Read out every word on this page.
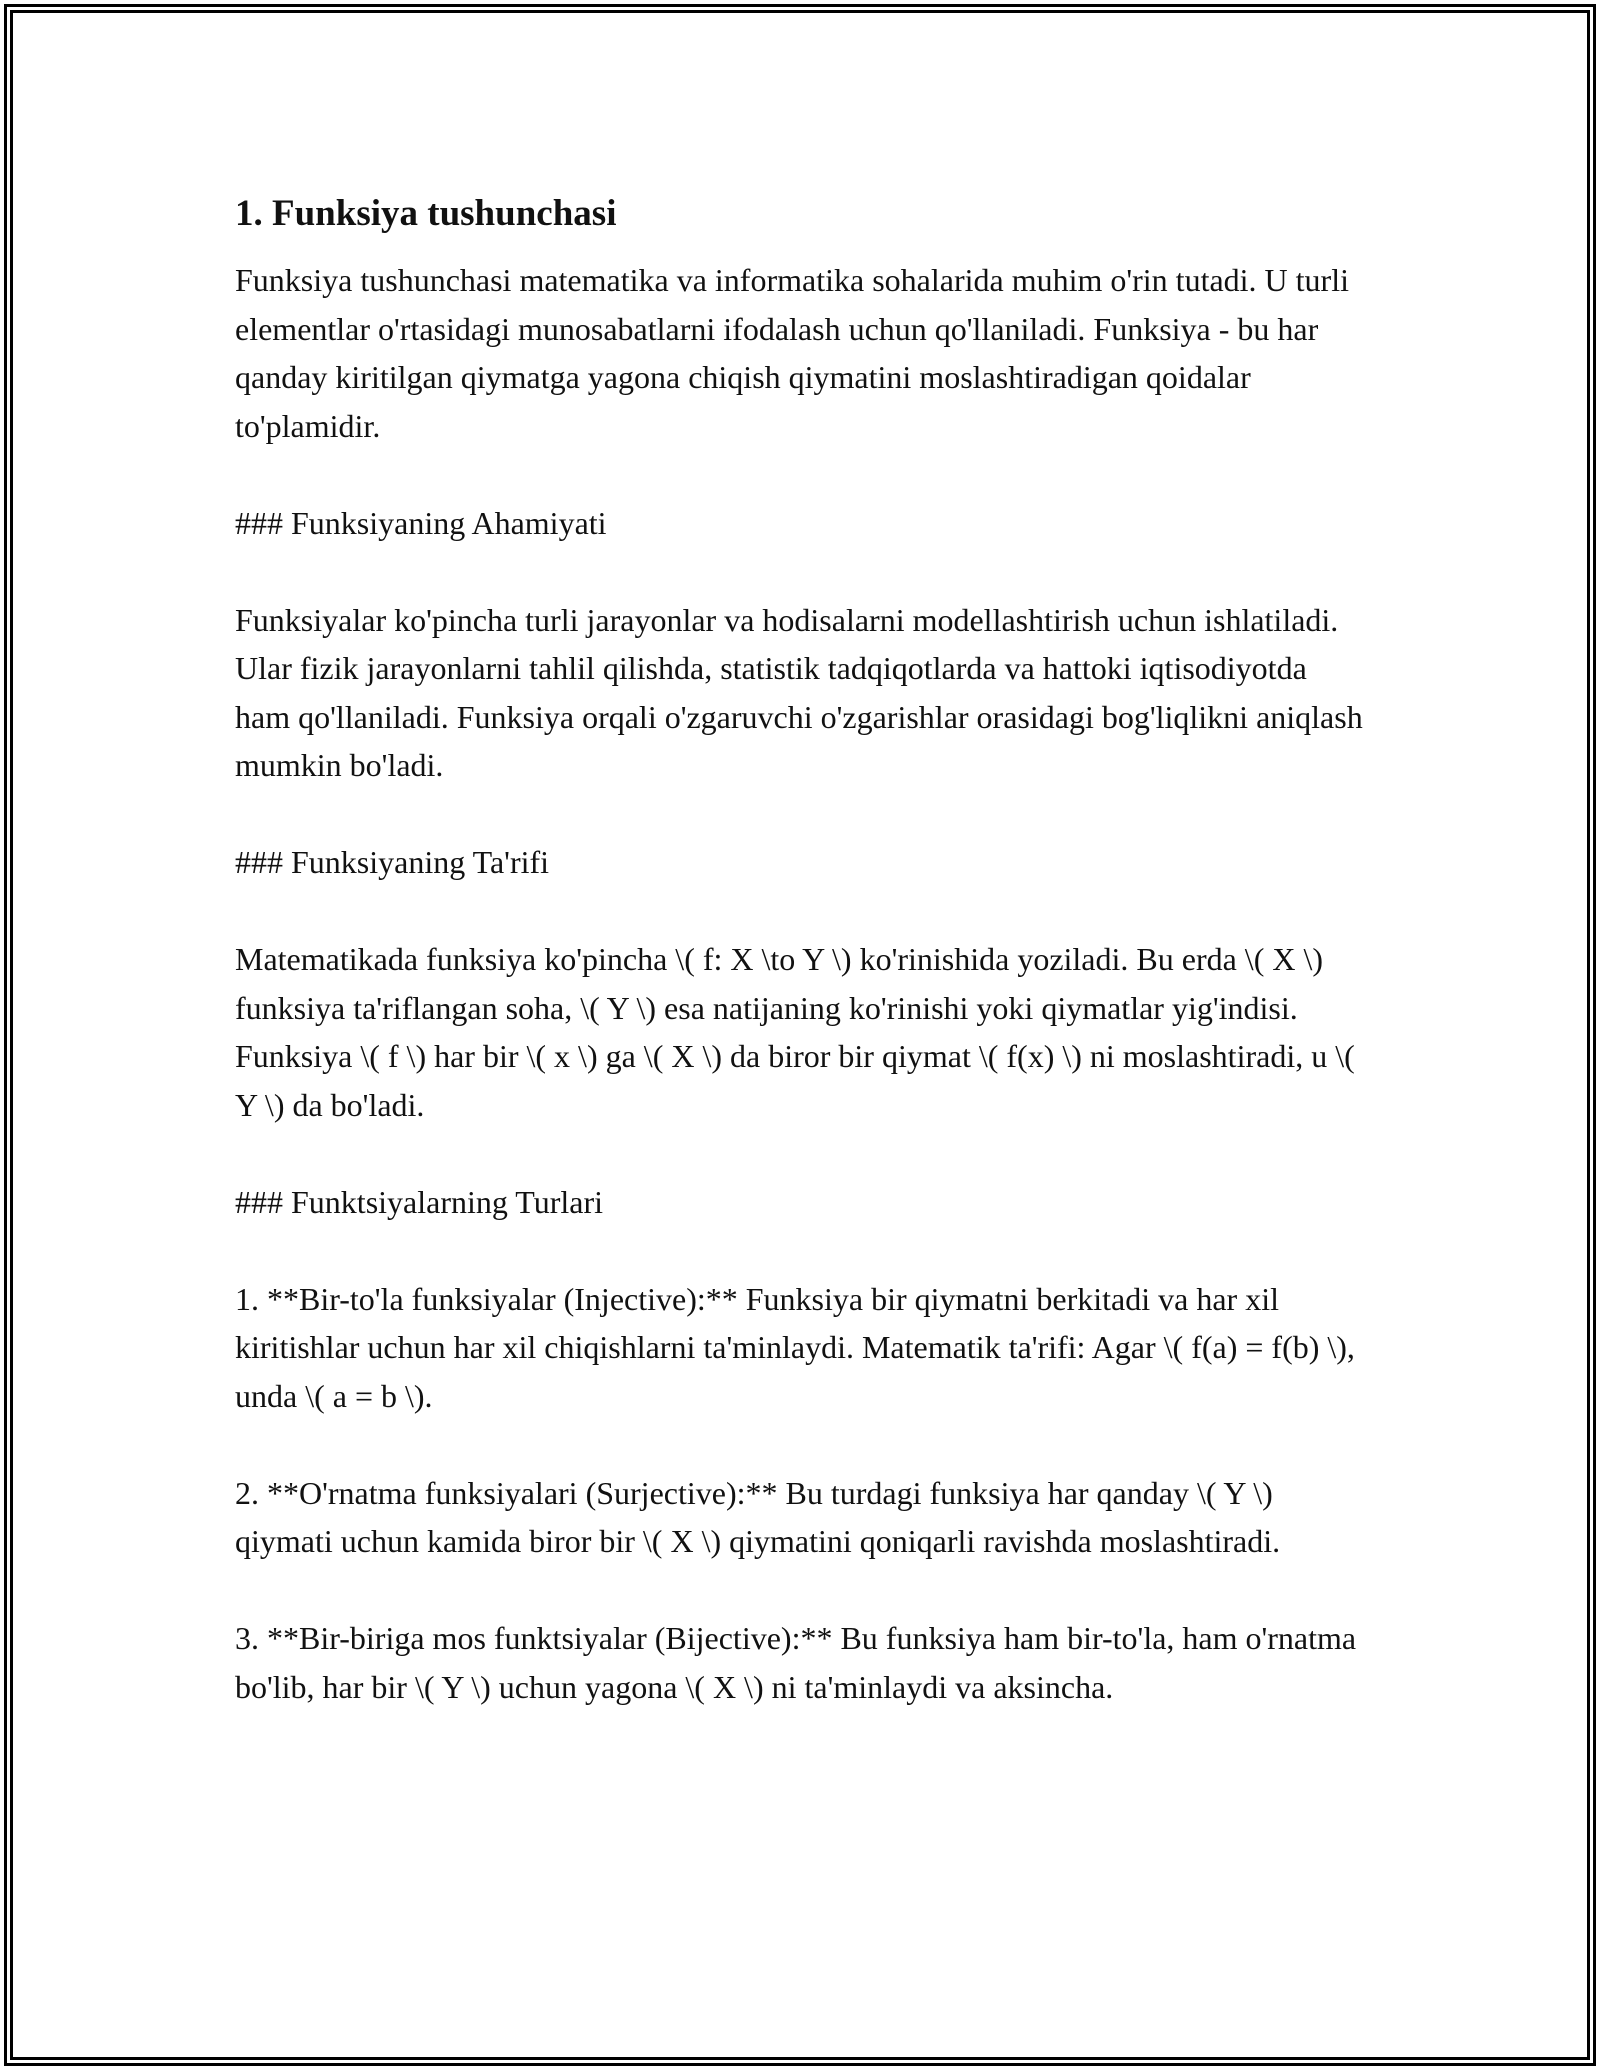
1. Funksiya tushunchasi

Funksiya tushunchasi matematika va informatika sohalarida muhim o'rin tutadi. U turli elementlar o'rtasidagi munosabatlarni ifodalash uchun qo'llaniladi. Funksiya - bu har qanday kiritilgan qiymatga yagona chiqish qiymatini moslashtiradigan qoidalar to'plamidir.

### Funksiyaning Ahamiyati

Funksiyalar ko'pincha turli jarayonlar va hodisalarni modellashtirish uchun ishlatiladi. Ular fizik jarayonlarni tahlil qilishda, statistik tadqiqotlarda va hattoki iqtisodiyotda ham qo'llaniladi. Funksiya orqali o'zgaruvchi o'zgarishlar orasidagi bog'liqlikni aniqlash mumkin bo'ladi.

### Funksiyaning Ta'rifi

Matematikada funksiya ko'pincha \( f: X \to Y \) ko'rinishida yoziladi. Bu erda \( X \) funksiya ta'riflangan soha, \( Y \) esa natijaning ko'rinishi yoki qiymatlar yig'indisi. Funksiya \( f \) har bir \( x \) ga \( X \) da biror bir qiymat \( f(x) \) ni moslashtiradi, u \( Y \) da bo'ladi.

### Funktsiyalarning Turlari

1. **Bir-to'la funksiyalar (Injective):** Funksiya bir qiymatni berkitadi va har xil kiritishlar uchun har xil chiqishlarni ta'minlaydi. Matematik ta'rifi: Agar \( f(a) = f(b) \), unda \( a = b \).

2. **O'rnatma funksiyalari (Surjective):** Bu turdagi funksiya har qanday \( Y \) qiymati uchun kamida biror bir \( X \) qiymatini qoniqarli ravishda moslashtiradi.

3. **Bir-biriga mos funktsiyalar (Bijective):** Bu funksiya ham bir-to'la, ham o'rnatma bo'lib, har bir \( Y \) uchun yagona \( X \) ni ta'minlaydi va aksincha.
